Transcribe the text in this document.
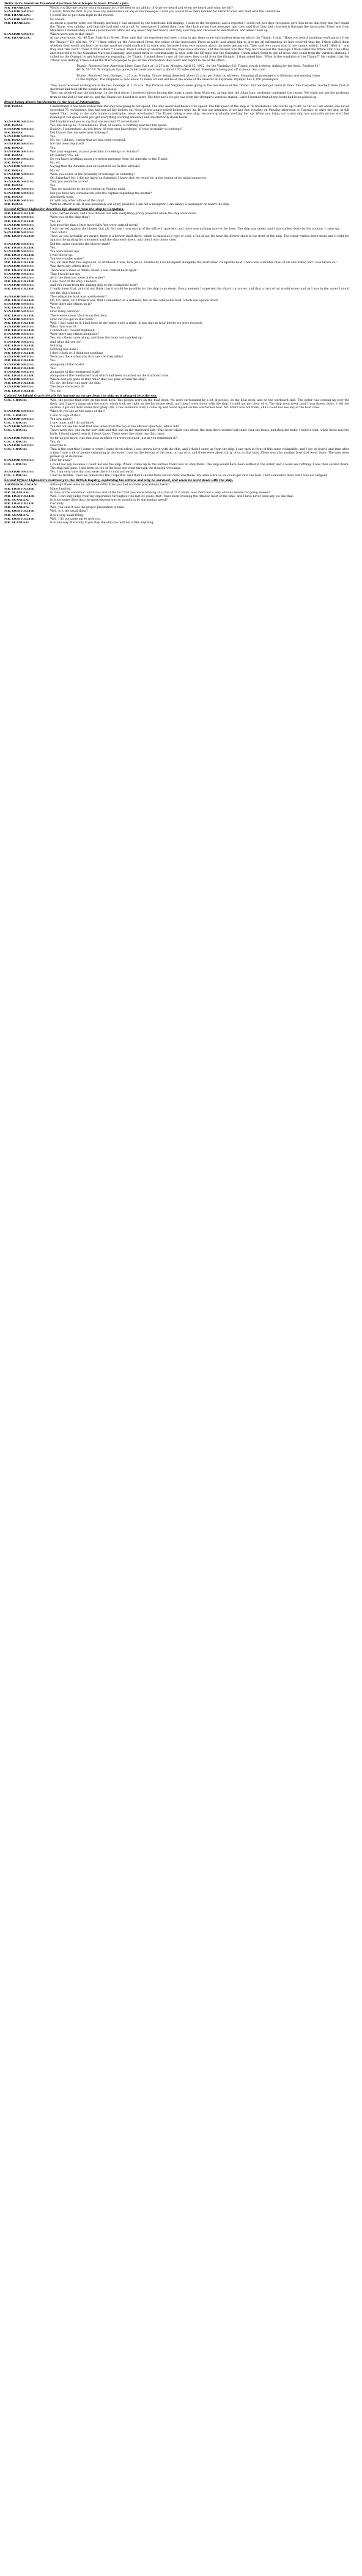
Watts Bar's American President describes his attempts to learn Titanic's fate.
MR. FRANKLIN:	Would you like me to give you a summary as to the best of my ability, of what we heard and when we heard and what we did?
SENATOR SMITH:	I would, from the first. If you have any memoranda or any of the messages I wish you would have them marked for identification and filed with the committee.
MR. FRANKLIN:	I would like to put them right in the record.
SENATOR SMITH:	Go ahead.
MR. FRANKLIN:	As about a quarter after one Monday morning I was aroused by the telephone bell ringing. I went to the telephone, and a reporter I could not just then recognize gave this news that they had just heard the Titanic was sinking, and that she had sent out a call for assistance. I asked them how they had gotten that message, and they said that they had received it through the Associated Press and from Montreal. I immediately called up our Boston office for any news they had heard, and they said they had received no information, and asked them up.
SENATOR SMITH:	Where were you at that time?
MR. FRANKLIN:	At my own house, No. 40 East Sixty-first Street. They said that the reporters had been trying to get them some information from me about the Titanic. I said, "Have you heard anything confirmatory from the Titanic?" He told me, "No." I then called up the Associated Press, the editor of the Associated Press at night, and asked him to give me all information he had received thus far. I then called them whether they would not hold the matter until we could confirm it in some way, because I was very anxious about the news getting out. They said we cannot stop it; we cannot hold it. I said "Hold it," and they said "We can't." "Give it from where?" I asked. Then I called up Montreal and the Cape Race stations, and the answer was that they had received the message. I then called the White Star Line office and reported it to the Canadian Marconi Company, and asked them to communicate at once with the Olympic and the Carpathia. I then asked them to get all news they could from the wireless stations. I called up the Olympic to get information regarding the Titanic. I asked them to get all the news they could from the Olympic. I then asked him: "What is the condition of the Titanic?" He replied that the Titanic was sinking. I then asked the Marconi people to get all the information they could and report to me at the office.

Titanic. Received from American Liner Cape Race at 12.27 a.m. Monday, April 15, 1912, for the Virginian S.S. Titanic struck iceberg, sinking by the head. Position 41° 46' N, 50° 14' W. Virginian has gone to her assistance, and is about 170 miles distant. Passengers being put off in boats. Sea calm.

Titanic. Received from Olympic, 1.25 a.m. Monday. Titanic being deserted, about 22 p.m. per Asian by wireless. Shipping all passengers in lifeboats and sending them to the Olympic. The Virginian is now about 55 miles off and will be at the scene of the disaster at daybreak. Olympic has 1,200 passengers.

They have received nothing since the last message at 1.25 a.m. The Parisian and Virginian were going to the assistance of the Titanic, but neither got there in time. The Carpathia reached there first at daybreak and took off the people in the boats.
Then we received one the positions. In the first place, I received advice having the boats a reply from Montreal, saying that the Allan Line, evidently confirmed the report. We could not get the positions from us the last of our advice, and the Titanic we heard it so later. The first news we got was from the Olympic's wireless station. Later I learned that all the boats had been picked up.
Bruce Ismay denies involvement in the lack of information.
MR. ISMAY:	I understand it has been stated that the ship was going to full speed. The ship never had been at full speed. The full speed of the ship is 78 revolutions. She works up to 80. So far as I am aware, she never exceeded 75 revolutions. She had not all her boilers on. None of the single-ended boilers were on. It was our intention, if we had fine weather on Monday afternoon or Tuesday, to drive the ship at full speed. That, owing to the unfortunate catastrophe, never eventuated. The Titanic being a new ship, we were gradually working her up. When you bring out a new ship you naturally do not start her running at full speed until you get everything working smoothly and satisfactorily down below.
SENATOR SMITH:	Did I understand you to say that she reached 75 revolutions?
MR. ISMAY:	Yes, she ran up to 75 revolutions. That, of course, is nothing near her full speed.
SENATOR SMITH:	Exactly; I understand. As you know, of your own knowledge, of your proximity to icebergs?
MR. ISMAY:	Did I know that we were near icebergs?
SENATOR SMITH:	Yes.
MR. ISMAY:	No, sir, I did not. I know that ice had been reported.
SENATOR SMITH:	Ice had been reported?
MR. ISMAY:	Yes.
SENATOR SMITH:	Was your engineer, of your proximity to icebergs on Sunday?
MR. ISMAY:	On Sunday? No, sir.
SENATOR SMITH:	Do you know anything about a wireless message from the Amerika to the Titanic -
MR. ISMAY:	No, sir.
SENATOR SMITH:	Saying that the Amerika had encountered ice in that latitude?
MR. ISMAY:	No, sir.
SENATOR SMITH:	Were you aware of the proximity of icebergs on Saturday?
MR. ISMAY:	On Saturday? No; I did not know on Saturday. I knew that we would be in the region of ice night tomorrow.
SENATOR SMITH:	That you would be on ice?
MR. ISMAY:	Yes.
SENATOR SMITH:	That we would be in the ice region on Sunday night.
SENATOR SMITH:	Did you have any consultation with the captain regarding the matter?
MR. ISMAY:	Absolutely none.
SENATOR SMITH:	Or with any other officer of the ship?
MR. ISMAY:	With no officer at all. It was absolutely out of my province. I am not a navigator. I am simply a passenger on board the ship.
Second Officer Lightoller describes life aboard from the ship to Carpathia.
MR. LIGHTOLLER:	I was carried down, and I was thrown out with everything pretty powerful when the ship went down.
SENATOR SMITH:	Were you on the ship then?
MR. LIGHTOLLER:	Yes, sir.
SENATOR SMITH:	Just describe that a little more fully. You were carried down?
MR. LIGHTOLLER:	I was carried against the blower that aft. As I say, I was on top of the officers' quarters, and there was nothing more to be done. The ship was under, and I was sucked down by the suction. I came up.
SENATOR SMITH:	Then what?
MR. LIGHTOLLER:	Then, as you probably are aware, there is a blower shaft there, which is raised as a type of cowl, a fan of air. We have the blower shaft to the front of the ship. The water rushed down there and it held me against the grating for a moment until the ship went down, and then I was blown clear.
SENATOR SMITH:	Did the water rush into the blower shaft?
MR. LIGHTOLLER:	Yes.
SENATOR SMITH:	You were blown up?
MR. LIGHTOLLER:	I was blown up.
SENATOR SMITH:	You were under water?
MR. LIGHTOLLER:	Yes, sir. And then this explosion, or whatever it was, took place. Eventually I found myself alongside the overturned collapsible boat. There was a terrible blast of air and water, and I was blown out.
SENATOR SMITH:	Was there any debris there?
MR. LIGHTOLLER:	There was a mass of debris about. I was carried back again.
SENATOR SMITH:	That I would not say.
SENATOR SMITH:	As to the time you were in the water?
MR. LIGHTOLLER:	I was clear of the ship, I believe.
SENATOR SMITH:	And you swam from the sinking ship to the collapsible boat?
MR. LIGHTOLLER:	I really knew that, and did not think that it would be possible for the ship to go down. Every moment I expected the ship to turn over, and that a rush of air would come; and as I was in the water I could see the ship's funnel.
SENATOR SMITH:	The collapsible boat was upside down?
MR. LIGHTOLLER:	Oh, Dr. Heim, sir, I think it was, that I remember, at a distance, fell on the collapsible boat, which was upside down.
SENATOR SMITH:	Were there any others on it?
MR. LIGHTOLLER:	Yes, sir.
SENATOR SMITH:	How many persons?
MR. LIGHTOLLER:	There were about 30 of us on that boat.
SENATOR SMITH:	How did you get in that boat?
MR. LIGHTOLLER:	Well, I just came to it. I had been in the water quite a while. It was half an hour before we were rescued.
SENATOR SMITH:	What time was it?
MR. LIGHTOLLER:	I cannot say. Toward daybreak.
SENATOR SMITH:	Were there any others alongside?
MR. LIGHTOLLER:	Yes, sir; others came along, and then the boats were picked up.
SENATOR SMITH:	And what did you do?
MR. LIGHTOLLER:	Nothing.
SENATOR SMITH:	Nothing was done?
MR. LIGHTOLLER:	I don't think so. I think not anything.
SENATOR SMITH:	Were you there when you first saw the Carpathia?
MR. LIGHTOLLER:	Yes.
SENATOR SMITH:	Alongside of the boats?
MR. LIGHTOLLER:	Yes.
SENATOR SMITH:	Alongside of the overturned boat?
MR. LIGHTOLLER:	Alongside of the overturned boat which had been launched on the starboard side.
SENATOR SMITH:	Where had you gone at that time? Had you gone around the ship?
MR. LIGHTOLLER:	No, sir, the boat was near the ship.
SENATOR SMITH:	The boats were near it?
MR. LIGHTOLLER:	Yes, sir.
Colonel Archibald Gracie details his harrowing escape from the ship as it plunged into the sea.
COL. GRACIE:	Well, the people that were on the boat deck. The people were on the boat deck. We were surrounded by a lot of people, on the boat deck, and on the starboard side. The water was coming up over the deck, and I gave a jump with the wave, which took me right on the hurricane deck, and then I went down with the ship. I could not get clear of it. The ship went down, and I was drawn down. I felt the suction. I got out from under that grasp. Oh, a few moments later, I came up and found myself on the overturned boat. Mr. Smith was not there, and I could not see any of the boat crew.
SENATOR SMITH:	What do you see as the cause of that?
COL. GRACIE:	I saw no sign of that.
SENATOR SMITH:	You saw none?
COL. GRACIE:	I saw none, and I do not know.
SENATOR SMITH:	You did not see the boat that was taken from the top of the officers' quarters, which fell?
COL. GRACIE:	There were two, one on the port side and this one on the starboard side. This latter which was afloat, the men there worked but came over the boats, and then the hulls. I believe that, when there was the hulls. I found myself near it. I don't know. There were the other two that came.
SENATOR SMITH:	So far as you know, was that boat in which you were rescued, just as you remember it?
COL. GRACIE:	Yes, sir.
SENATOR SMITH:	Describe it.
COL. GRACIE:	That is the boat that I came to when I came down below. I was drawn down with the ship, and I think I came up from the ship. I saw men in front of this same collapsible, and I got on board, and then after a time I saw a lot of people swimming in the water. I got on the bottom of the boat, on top of it, and there were about thirty of us in that boat. There was also another boat that went down. The men were picked up at daybreak.
SENATOR SMITH:	How far away?
COL. GRACIE:	I could not say, because I could not see the ship. When I came up to the surface there was no ship there. The ship would have been settled in the water, and I could see nothing. I was then sucked down. The ship had gone. I had been on top of the boat and went through the floating wreckage.
SENATOR SMITH:	Yes, I am very sure that you were there. I could not swim.
COL. GRACIE:	I had no trouble. Then we pulled into the Carpathia. And then I should think all our crew was there. My arms were as we could get onto the boat. I felt somewhat tired, but I was not fatigued.
Second Officer Lightoller's testimony to the British inquiry, explaining his actions and why he survived, and when he went down with the ship.
THOMAS SCANLAN:	Although there were no advanced difficulties you had no more precautions taken?
MR. LIGHTOLLER:	None I told of.
MR. SCANLAN:	In view of the abnormal conditions and of the fact that you were running at a rate of 21½ knots, was there not a very obvious reason for going slower?
MR. LIGHTOLLER:	Well, I can only judge from my experience throughout the last 24 years, that I have been crossing the Atlantic most of the time, and I have never seen any ice like that.
MR. SCANLAN:	Is it not quite clear that the most obvious way to avoid it is by slackening speed?
MR. LIGHTOLLER:	Certainly.
MR. SCANLAN:	Well, you said it was the proper precaution to take.
MR. LIGHTOLLER:	Well, is it the usual thing?
MR. SCANLAN:	It is a very usual thing.
MR. LIGHTOLLER:	Well, I do not quite agree with you.
MR. SCANLAN:	It is one way. Naturally if you stop the ship you will not strike anything.
